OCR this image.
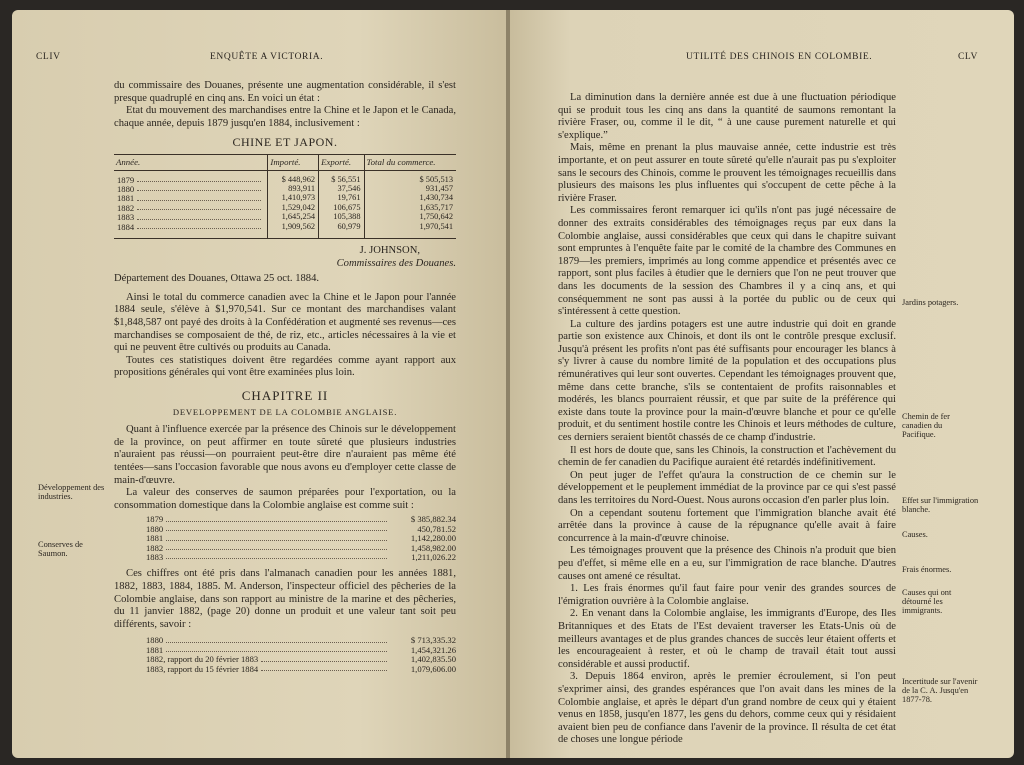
CLIV	ENQUÊTE A VICTORIA.
Développement des industries.
Conserves de Saumon.

du commissaire des Douanes, présente une augmentation considérable, il s'est presque quadruplé en cinq ans. En voici un état :

Etat du mouvement des marchandises entre la Chine et le Japon et le Canada, chaque année, depuis 1879 jusqu'en 1884, inclusivement :

CHINE ET JAPON.
Année.	Importé.	Exporté.	Total du commerce.

1879	$ 448,962	$ 56,551	$ 505,513

1880	893,911	37,546	931,457

1881	1,410,973	19,761	1,430,734

1882	1,529,042	106,675	1,635,717

1883	1,645,254	105,388	1,750,642

1884	1,909,562	60,979	1,970,541

J. JOHNSON,
Commissaires des Douanes.

Département des Douanes, Ottawa 25 oct. 1884.

Ainsi le total du commerce canadien avec la Chine et le Japon pour l'année 1884 seule, s'élève à $1,970,541. Sur ce montant des marchandises valant $1,848,587 ont payé des droits à la Confédération et augmenté ses revenus—ces marchandises se composaient de thé, de riz, etc., articles nécessaires à la vie et qui ne peuvent être cultivés ou produits au Canada.

Toutes ces statistiques doivent être regardées comme ayant rapport aux propositions générales qui vont être examinées plus loin.

CHAPITRE II
DEVELOPPEMENT DE LA COLOMBIE ANGLAISE.

Quant à l'influence exercée par la présence des Chinois sur le développement de la province, on peut affirmer en toute sûreté que plusieurs industries n'auraient pas réussi—on pourraient peut-être dire n'auraient pas même été tentées—sans l'occasion favorable que nous avons eu d'employer cette classe de main-d'œuvre.

La valeur des conserves de saumon préparées pour l'exportation, ou la consommation domestique dans la Colombie anglaise est comme suit :

1879	$ 385,882.34
1880	450,781.52
1881	1,142,280.00
1882	1,458,982.00
1883	1,211,026.22

Ces chiffres ont été pris dans l'almanach canadien pour les années 1881, 1882, 1883, 1884, 1885. M. Anderson, l'inspecteur officiel des pêcheries de la Colombie anglaise, dans son rapport au ministre de la marine et des pêcheries, du 11 janvier 1882, (page 20) donne un produit et une valeur tant soit peu différents, savoir :

1880	$ 713,335.32
1881	1,454,321.26
1882, rapport du 20 février 1883	1,402,835.50
1883, rapport du 15 février 1884	1,079,606.00
UTILITÉ DES CHINOIS EN COLOMBIE.	CLV

La diminution dans la dernière année est due à une fluctuation périodique qui se produit tous les cinq ans dans la quantité de saumons remontant la rivière Fraser, ou, comme il le dit, “ à une cause purement naturelle et qui s'explique.”

Mais, même en prenant la plus mauvaise année, cette industrie est très importante, et on peut assurer en toute sûreté qu'elle n'aurait pas pu s'exploiter sans le secours des Chinois, comme le prouvent les témoignages recueillis dans plusieurs des maisons les plus influentes qui s'occupent de cette pêche à la rivière Fraser.

Les commissaires feront remarquer ici qu'ils n'ont pas jugé nécessaire de donner des extraits considérables des témoignages reçus par eux dans la Colombie anglaise, aussi considérables que ceux qui dans le chapitre suivant sont empruntes à l'enquête faite par le comité de la chambre des Communes en 1879—les premiers, imprimés au long comme appendice et présentés avec ce rapport, sont plus faciles à étudier que le derniers que l'on ne peut trouver que dans les documents de la session des Chambres il y a cinq ans, et qui conséquemment ne sont pas aussi à la portée du public ou de ceux qui s'intéressent à cette question.

La culture des jardins potagers est une autre industrie qui doit en grande partie son existence aux Chinois, et dont ils ont le contrôle presque exclusif. Jusqu'à présent les profits n'ont pas été suffisants pour encourager les blancs à s'y livrer à cause du nombre limité de la population et des occupations plus rémunératives qui leur sont ouvertes. Cependant les témoignages prouvent que, même dans cette branche, s'ils se contentaient de profits raisonnables et modérés, les blancs pourraient réussir, et que par suite de la préférence qui existe dans toute la province pour la main-d'œuvre blanche et pour ce qu'elle produit, et du sentiment hostile contre les Chinois et leurs méthodes de culture, ces derniers seraient bientôt chassés de ce champ d'industrie.

Il est hors de doute que, sans les Chinois, la construction et l'achèvement du chemin de fer canadien du Pacifique auraient été retardés indéfinitivement.

On peut juger de l'effet qu'aura la construction de ce chemin sur le développement et le peuplement immédiat de la province par ce qui s'est passé dans les territoires du Nord-Ouest. Nous aurons occasion d'en parler plus loin.

On a cependant soutenu fortement que l'immigration blanche avait été arrêtée dans la province à cause de la répugnance qu'elle avait à faire concurrence à la main-d'œuvre chinoise.

Les témoignages prouvent que la présence des Chinois n'a produit que bien peu d'effet, si même elle en a eu, sur l'immigration de race blanche. D'autres causes ont amené ce résultat.

1. Les frais énormes qu'il faut faire pour venir des grandes sources de l'émigration ouvrière à la Colombie anglaise.

2. En venant dans la Colombie anglaise, les immigrants d'Europe, des Iles Britanniques et des Etats de l'Est devaient traverser les Etats-Unis où de meilleurs avantages et de plus grandes chances de succès leur étaient offerts et les encourageaient à rester, et où le champ de travail était tout aussi considérable et aussi productif.

3. Depuis 1864 environ, après le premier écroulement, si l'on peut s'exprimer ainsi, des grandes espérances que l'on avait dans les mines de la Colombie anglaise, et après le départ d'un grand nombre de ceux qui y étaient venus en 1858, jusqu'en 1877, les gens du dehors, comme ceux qui y résidaient avaient bien peu de confiance dans l'avenir de la province. Il résulta de cet état de choses une longue période

Jardins potagers.
Chemin de fer canadien du Pacifique.
Effet sur l'immigration blanche.
Causes.
Frais énormes.
Causes qui ont détourné les immigrants.
Incertitude sur l'avenir de la C. A. Jusqu'en 1877-78.
